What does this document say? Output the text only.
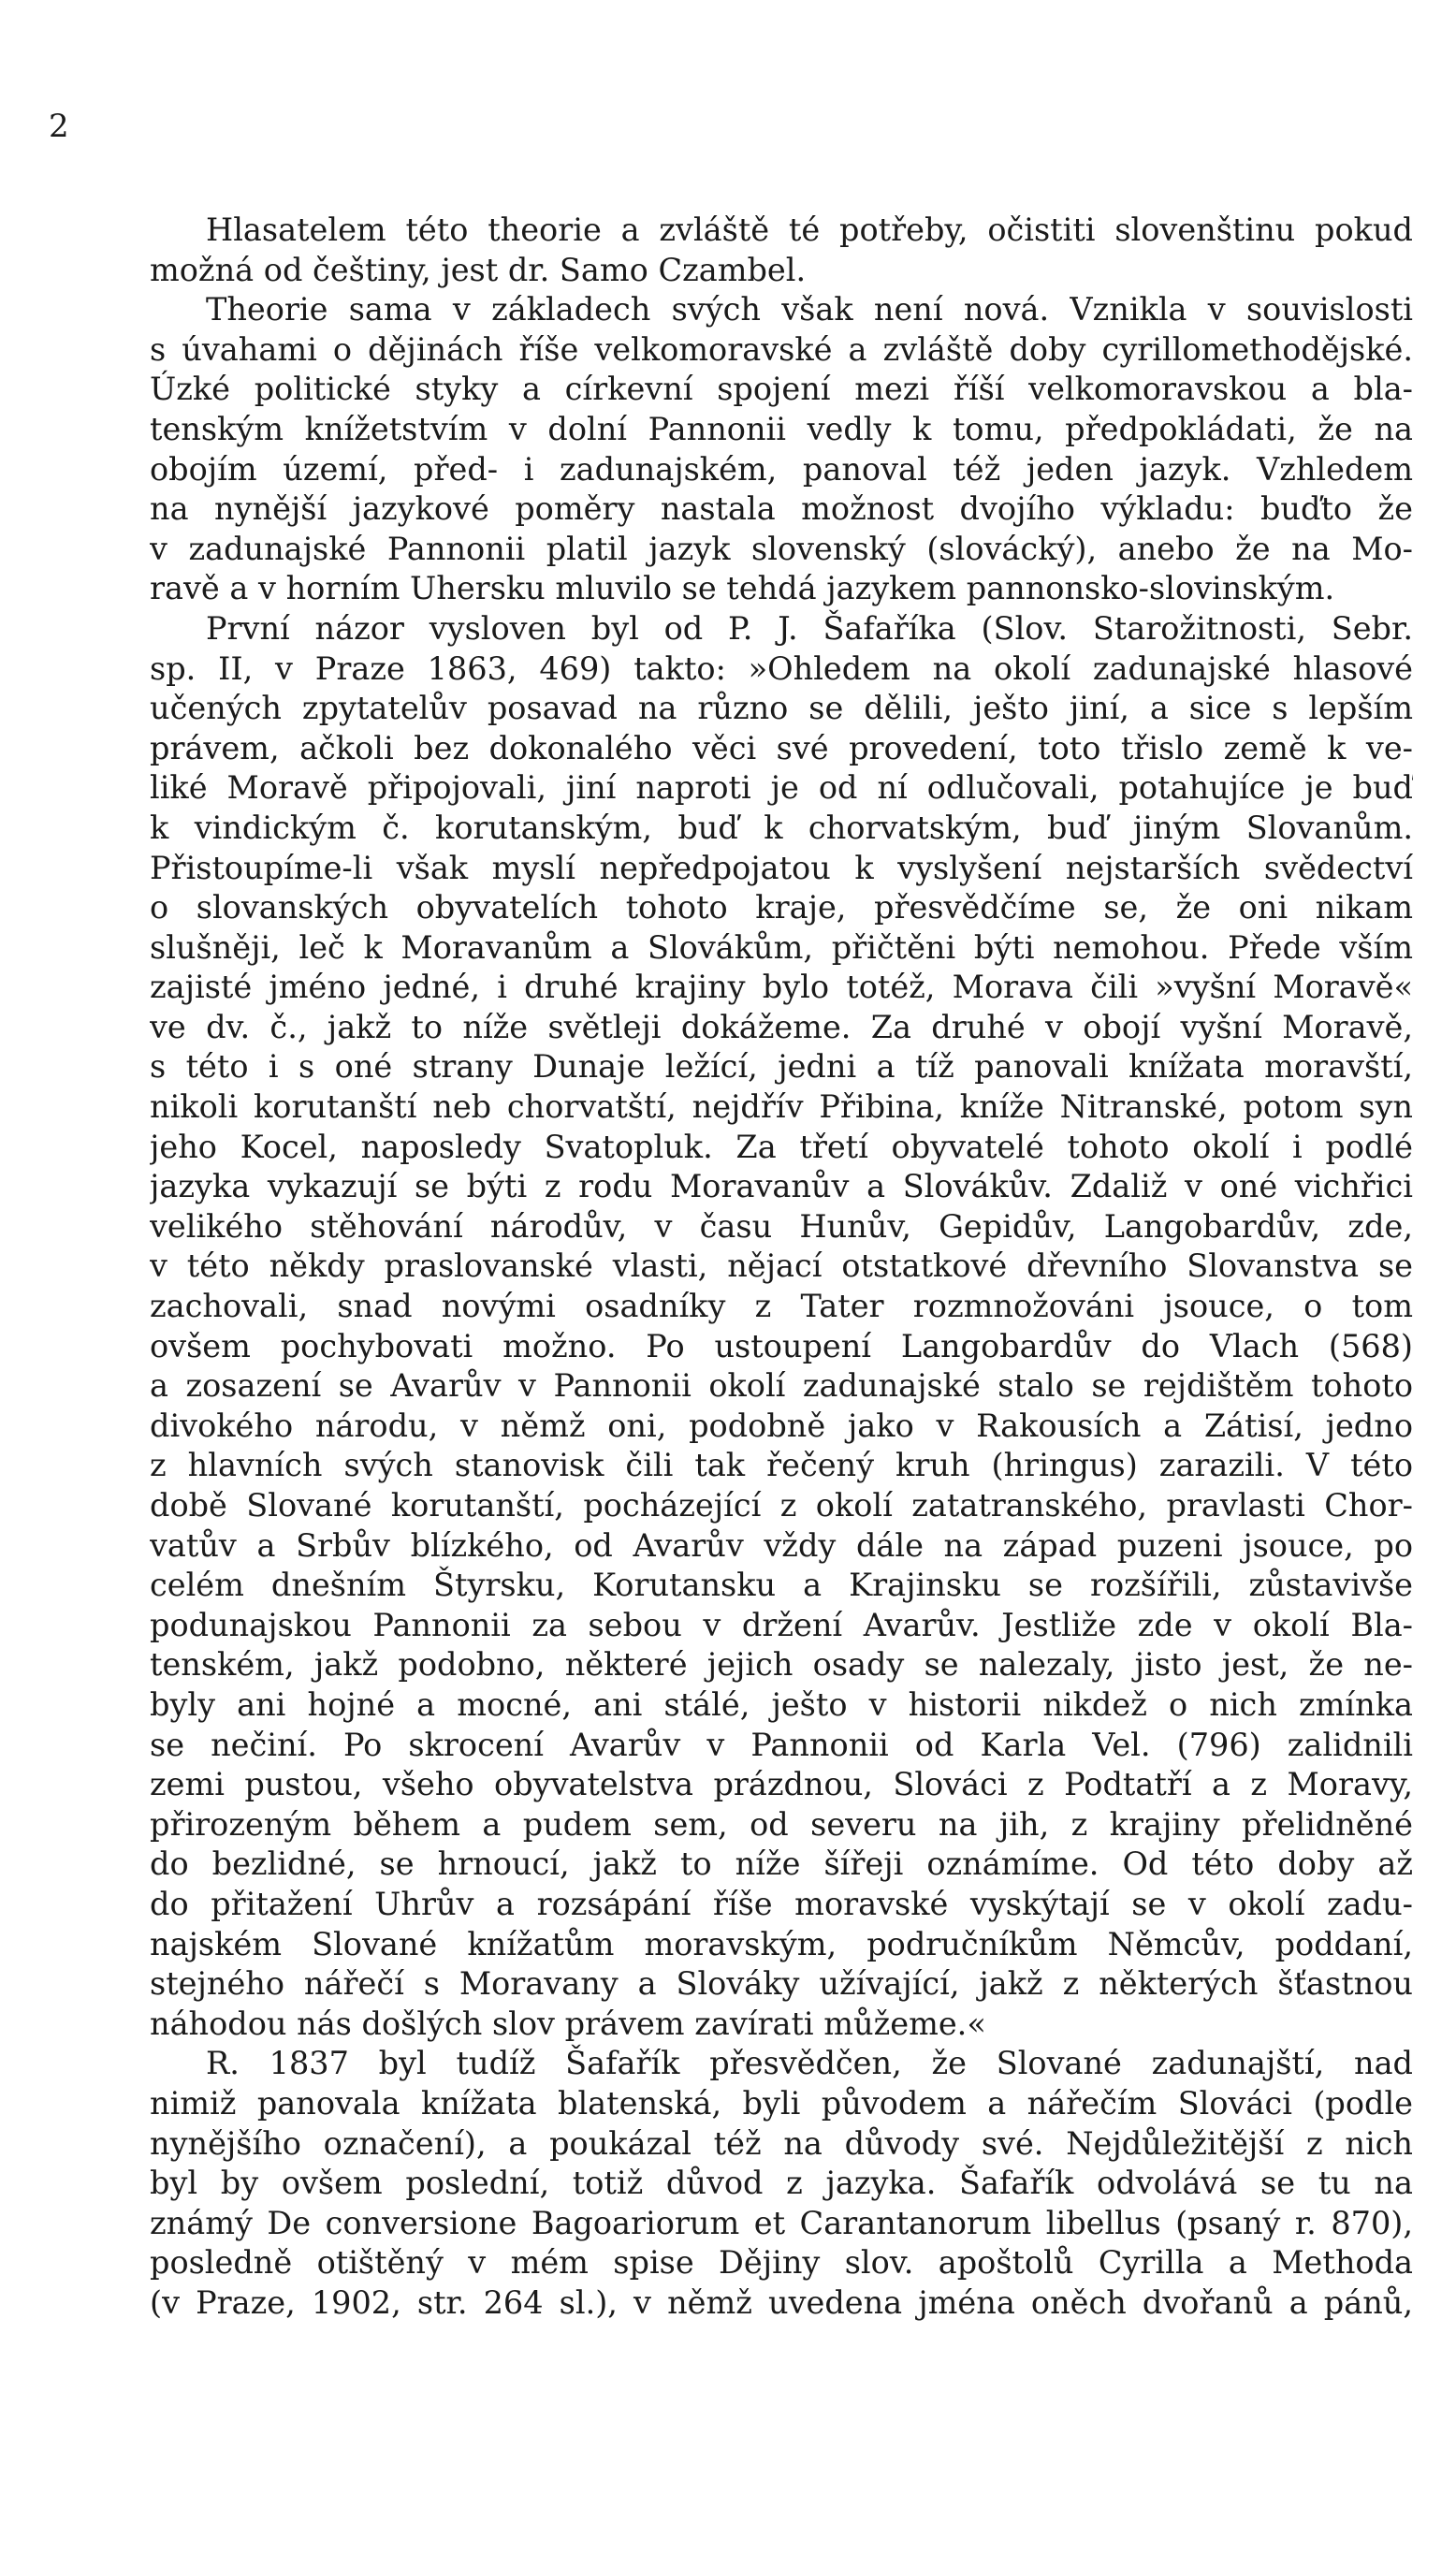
2
Hlasatelem této theorie a zvláště té potřeby, očistiti slovenštinu pokud
možná od češtiny, jest dr. Samo Czambel.
Theorie sama v základech svých však není nová. Vznikla v souvislosti
s úvahami o dějinách říše velkomoravské a zvláště doby cyrillomethodějské.
Úzké politické styky a církevní spojení mezi říší velkomoravskou a bla-
tenským knížetstvím v dolní Pannonii vedly k tomu, předpokládati, že na
obojím území, před- i zadunajském, panoval též jeden jazyk. Vzhledem
na nynější jazykové poměry nastala možnost dvojího výkladu: buďto že
v zadunajské Pannonii platil jazyk slovenský (slovácký), anebo že na Mo-
ravě a v horním Uhersku mluvilo se tehdá jazykem pannonsko-slovinským.
První názor vysloven byl od P. J. Šafaříka (Slov. Starožitnosti, Sebr.
sp. II, v Praze 1863, 469) takto: »Ohledem na okolí zadunajské hlasové
učených zpytatelův posavad na různo se dělili, ješto jiní, a sice s lepším
právem, ačkoli bez dokonalého věci své provedení, toto třislo země k ve-
liké Moravě připojovali, jiní naproti je od ní odlučovali, potahujíce je buď
k vindickým č. korutanským, buď k chorvatským, buď jiným Slovanům.
Přistoupíme-li však myslí nepředpojatou k vyslyšení nejstarších svědectví
o slovanských obyvatelích tohoto kraje, přesvědčíme se, že oni nikam
slušněji, leč k Moravanům a Slovákům, přičtěni býti nemohou. Přede vším
zajisté jméno jedné, i druhé krajiny bylo totéž, Morava čili »vyšní Moravě«
ve dv. č., jakž to níže světleji dokážeme. Za druhé v obojí vyšní Moravě,
s této i s oné strany Dunaje ležící, jedni a tíž panovali knížata moravští,
nikoli korutanští neb chorvatští, nejdřív Přibina, kníže Nitranské, potom syn
jeho Kocel, naposledy Svatopluk. Za třetí obyvatelé tohoto okolí i podlé
jazyka vykazují se býti z rodu Moravanův a Slovákův. Zdaliž v oné vichřici
velikého stěhování národův, v času Hunův, Gepidův, Langobardův, zde,
v této někdy praslovanské vlasti, nějací otstatkové dřevního Slovanstva se
zachovali, snad novými osadníky z Tater rozmnožováni jsouce, o tom
ovšem pochybovati možno. Po ustoupení Langobardův do Vlach (568)
a zosazení se Avarův v Pannonii okolí zadunajské stalo se rejdištěm tohoto
divokého národu, v němž oni, podobně jako v Rakousích a Zátisí, jedno
z hlavních svých stanovisk čili tak řečený kruh (hringus) zarazili. V této
době Slované korutanští, pocházející z okolí zatatranského, pravlasti Chor-
vatův a Srbův blízkého, od Avarův vždy dále na západ puzeni jsouce, po
celém dnešním Štyrsku, Korutansku a Krajinsku se rozšířili, zůstavivše
podunajskou Pannonii za sebou v držení Avarův. Jestliže zde v okolí Bla-
tenském, jakž podobno, některé jejich osady se nalezaly, jisto jest, že ne-
byly ani hojné a mocné, ani stálé, ješto v historii nikdež o nich zmínka
se nečiní. Po skrocení Avarův v Pannonii od Karla Vel. (796) zalidnili
zemi pustou, všeho obyvatelstva prázdnou, Slováci z Podtatří a z Moravy,
přirozeným během a pudem sem, od severu na jih, z krajiny přelidněné
do bezlidné, se hrnoucí, jakž to níže šířeji oznámíme. Od této doby až
do přitažení Uhrův a rozsápání říše moravské vyskýtají se v okolí zadu-
najském Slované knížatům moravským, područníkům Němcův, poddaní,
stejného nářečí s Moravany a Slováky užívající, jakž z některých šťastnou
náhodou nás došlých slov právem zavírati můžeme.«
R. 1837 byl tudíž Šafařík přesvědčen, že Slované zadunajští, nad
nimiž panovala knížata blatenská, byli původem a nářečím Slováci (podle
nynějšího označení), a poukázal též na důvody své. Nejdůležitější z nich
byl by ovšem poslední, totiž důvod z jazyka. Šafařík odvolává se tu na
známý De conversione Bagoariorum et Carantanorum libellus (psaný r. 870),
posledně otištěný v mém spise Dějiny slov. apoštolů Cyrilla a Methoda
(v Praze, 1902, str. 264 sl.), v němž uvedena jména oněch dvořanů a pánů,
